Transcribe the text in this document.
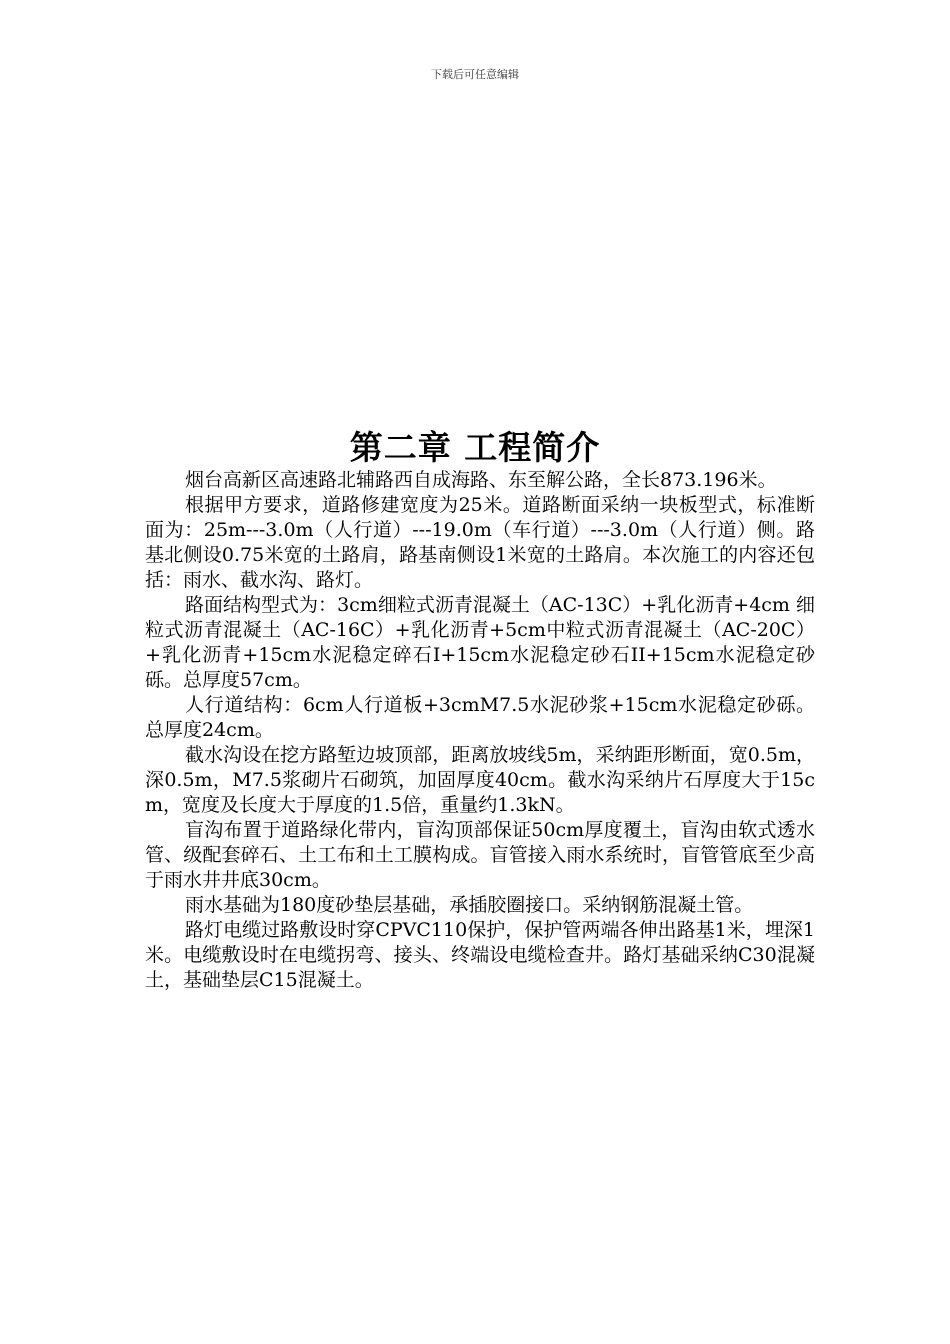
下载后可任意编辑
第二章 工程简介

烟台高新区高速路北辅路西自成海路、东至解公路，全长873.196米。

根据甲方要求，道路修建宽度为25米。道路断面采纳一块板型式，标准断面为：25m---3.0m（人行道）---19.0m（车行道）---3.0m（人行道）侧。路基北侧设0.75米宽的土路肩，路基南侧设1米宽的土路肩。本次施工的内容还包括：雨水、截水沟、路灯。

路面结构型式为：3cm细粒式沥青混凝土（AC-13C）+乳化沥青+4cm 细粒式沥青混凝土（AC-16C）+乳化沥青+5cm中粒式沥青混凝土（AC-20C）+乳化沥青+15cm水泥稳定碎石I+15cm水泥稳定砂石II+15cm水泥稳定砂砾。总厚度57cm。

人行道结构：6cm人行道板+3cmM7.5水泥砂浆+15cm水泥稳定砂砾。总厚度24cm。

截水沟设在挖方路堑边坡顶部，距离放坡线5m，采纳距形断面，宽0.5m，深0.5m，M7.5浆砌片石砌筑，加固厚度40cm。截水沟采纳片石厚度大于15cm，宽度及长度大于厚度的1.5倍，重量约1.3kN。

盲沟布置于道路绿化带内，盲沟顶部保证50cm厚度覆土，盲沟由软式透水管、级配套碎石、土工布和土工膜构成。盲管接入雨水系统时，盲管管底至少高于雨水井井底30cm。

雨水基础为180度砂垫层基础，承插胶圈接口。采纳钢筋混凝土管。

路灯电缆过路敷设时穿CPVC110保护，保护管两端各伸出路基1米，埋深1米。电缆敷设时在电缆拐弯、接头、终端设电缆检查井。路灯基础采纳C30混凝土，基础垫层C15混凝土。
